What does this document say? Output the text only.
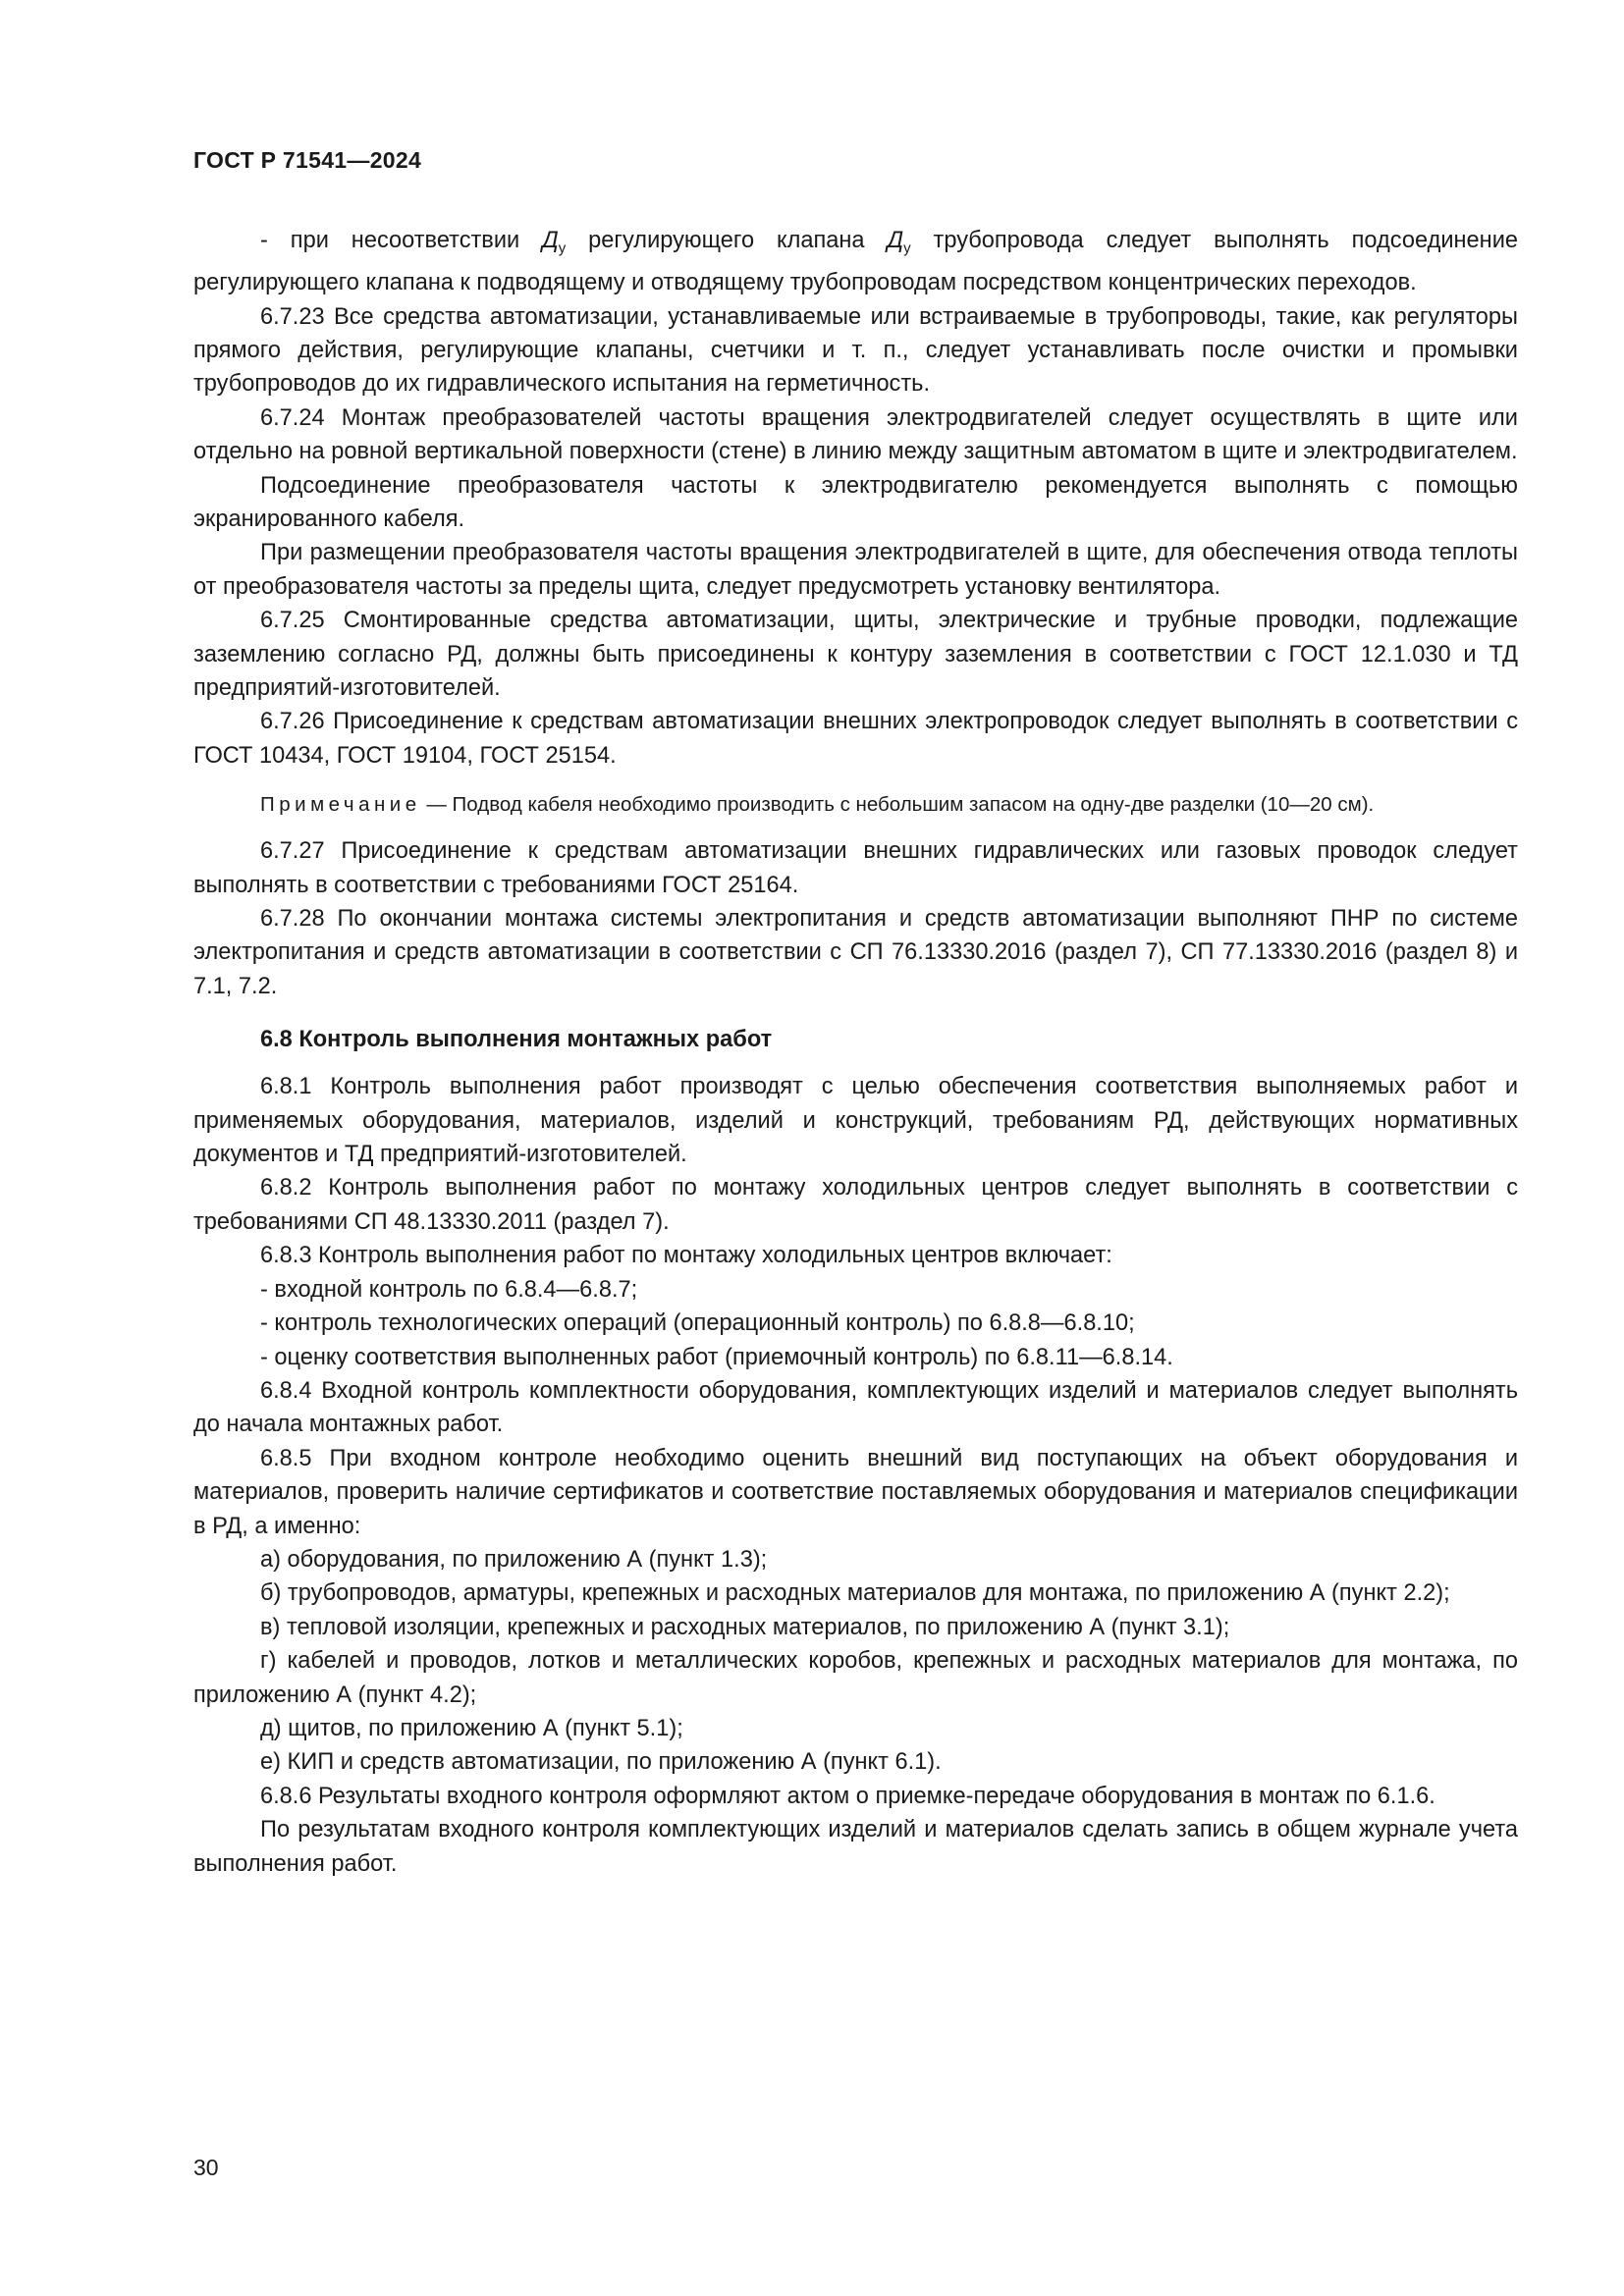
ГОСТ Р 71541—2024

- при несоответствии $Д_у$ регулирующего клапана $Д_у$ трубопровода следует выполнять подсоединение регулирующего клапана к подводящему и отводящему трубопроводам посредством концентрических переходов.

6.7.23 Все средства автоматизации, устанавливаемые или встраиваемые в трубопроводы, такие, как регуляторы прямого действия, регулирующие клапаны, счетчики и т. п., следует устанавливать после очистки и промывки трубопроводов до их гидравлического испытания на герметичность.

6.7.24 Монтаж преобразователей частоты вращения электродвигателей следует осуществлять в щите или отдельно на ровной вертикальной поверхности (стене) в линию между защитным автоматом в щите и электродвигателем.

Подсоединение преобразователя частоты к электродвигателю рекомендуется выполнять с помощью экранированного кабеля.

При размещении преобразователя частоты вращения электродвигателей в щите, для обеспечения отвода теплоты от преобразователя частоты за пределы щита, следует предусмотреть установку вентилятора.

6.7.25 Смонтированные средства автоматизации, щиты, электрические и трубные проводки, подлежащие заземлению согласно РД, должны быть присоединены к контуру заземления в соответствии с ГОСТ 12.1.030 и ТД предприятий-изготовителей.

6.7.26 Присоединение к средствам автоматизации внешних электропроводок следует выполнять в соответствии с ГОСТ 10434, ГОСТ 19104, ГОСТ 25154.

Примечание — Подвод кабеля необходимо производить с небольшим запасом на одну-две разделки (10—20 см).

6.7.27 Присоединение к средствам автоматизации внешних гидравлических или газовых проводок следует выполнять в соответствии с требованиями ГОСТ 25164.

6.7.28 По окончании монтажа системы электропитания и средств автоматизации выполняют ПНР по системе электропитания и средств автоматизации в соответствии с СП 76.13330.2016 (раздел 7), СП 77.13330.2016 (раздел 8) и 7.1, 7.2.

6.8 Контроль выполнения монтажных работ

6.8.1 Контроль выполнения работ производят с целью обеспечения соответствия выполняемых работ и применяемых оборудования, материалов, изделий и конструкций, требованиям РД, действующих нормативных документов и ТД предприятий-изготовителей.

6.8.2 Контроль выполнения работ по монтажу холодильных центров следует выполнять в соответствии с требованиями СП 48.13330.2011 (раздел 7).

6.8.3 Контроль выполнения работ по монтажу холодильных центров включает:

- входной контроль по 6.8.4—6.8.7;

- контроль технологических операций (операционный контроль) по 6.8.8—6.8.10;

- оценку соответствия выполненных работ (приемочный контроль) по 6.8.11—6.8.14.

6.8.4 Входной контроль комплектности оборудования, комплектующих изделий и материалов следует выполнять до начала монтажных работ.

6.8.5 При входном контроле необходимо оценить внешний вид поступающих на объект оборудования и материалов, проверить наличие сертификатов и соответствие поставляемых оборудования и материалов спецификации в РД, а именно:

а) оборудования, по приложению А (пункт 1.3);

б) трубопроводов, арматуры, крепежных и расходных материалов для монтажа, по приложению А (пункт 2.2);

в) тепловой изоляции, крепежных и расходных материалов, по приложению А (пункт 3.1);

г) кабелей и проводов, лотков и металлических коробов, крепежных и расходных материалов для монтажа, по приложению А (пункт 4.2);

д) щитов, по приложению А (пункт 5.1);

е) КИП и средств автоматизации, по приложению А (пункт 6.1).

6.8.6 Результаты входного контроля оформляют актом о приемке-передаче оборудования в монтаж по 6.1.6.

По результатам входного контроля комплектующих изделий и материалов сделать запись в общем журнале учета выполнения работ.

30
